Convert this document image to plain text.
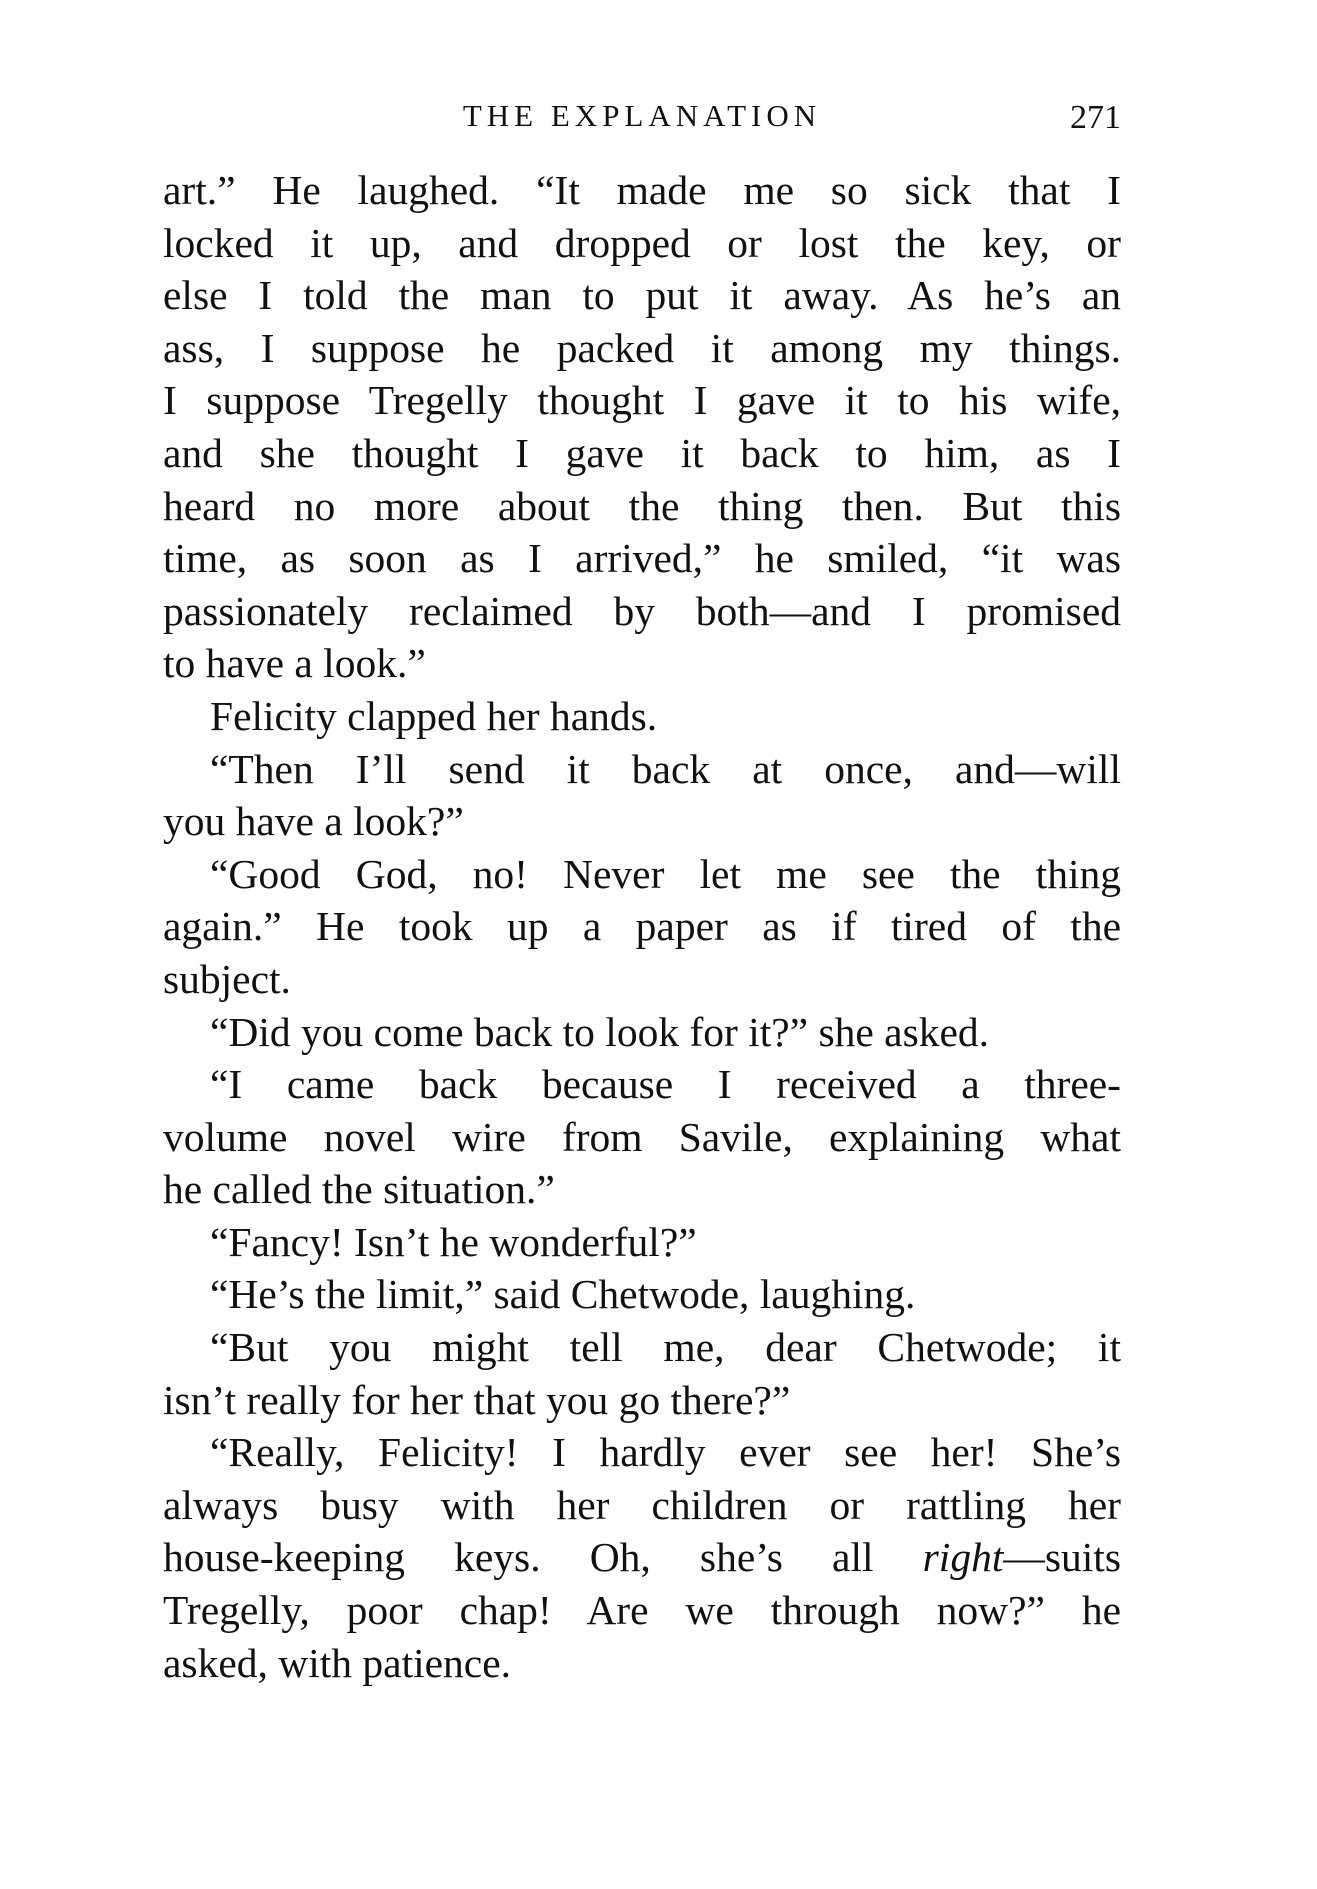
THE EXPLANATION	271
art.” He laughed. “It made me so sick that I
locked it up, and dropped or lost the key, or
else I told the man to put it away. As he’s an
ass, I suppose he packed it among my things.
I suppose Tregelly thought I gave it to his wife,
and she thought I gave it back to him, as I
heard no more about the thing then. But this
time, as soon as I arrived,” he smiled, “it was
passionately reclaimed by both—and I promised
to have a look.”
Felicity clapped her hands.
“Then I’ll send it back at once, and—will
you have a look?”
“Good God, no! Never let me see the thing
again.” He took up a paper as if tired of the
subject.
“Did you come back to look for it?” she asked.
“I came back because I received a three-
volume novel wire from Savile, explaining what
he called the situation.”
“Fancy! Isn’t he wonderful?”
“He’s the limit,” said Chetwode, laughing.
“But you might tell me, dear Chetwode; it
isn’t really for her that you go there?”
“Really, Felicity! I hardly ever see her! She’s
always busy with her children or rattling her
house-keeping keys. Oh, she’s all right—suits
Tregelly, poor chap! Are we through now?” he
asked, with patience.
